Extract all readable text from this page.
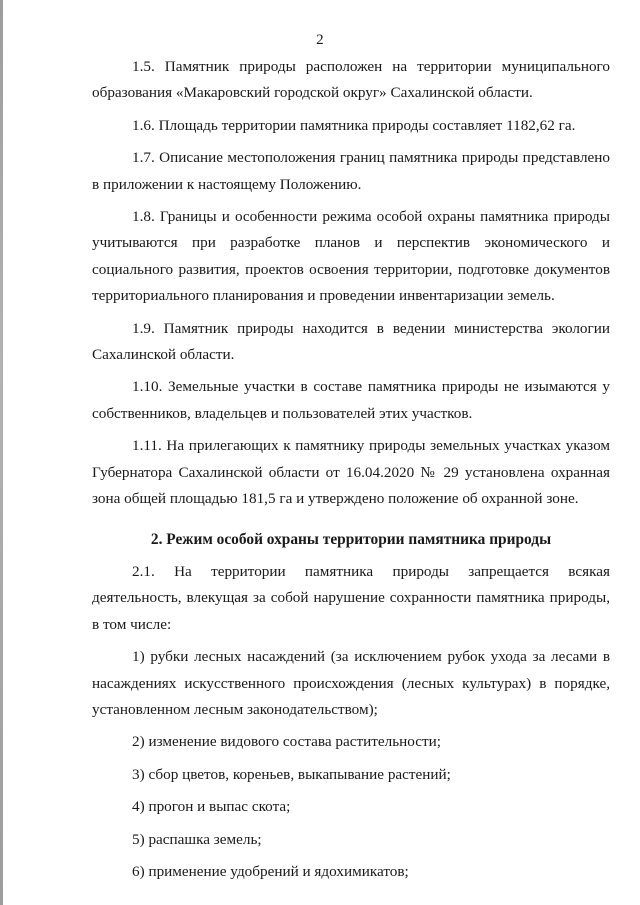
2

1.5. Памятник природы расположен на территории муниципального образования «Макаровский городской округ» Сахалинской области.

1.6. Площадь территории памятника природы составляет 1182,62 га.

1.7. Описание местоположения границ памятника природы представлено в приложении к настоящему Положению.

1.8. Границы и особенности режима особой охраны памятника природы учитываются при разработке планов и перспектив экономического и социального развития, проектов освоения территории, подготовке документов территориального планирования и проведении инвентаризации земель.

1.9. Памятник природы находится в ведении министерства экологии Сахалинской области.

1.10. Земельные участки в составе памятника природы не изымаются у собственников, владельцев и пользователей этих участков.

1.11. На прилегающих к памятнику природы земельных участках указом Губернатора Сахалинской области от 16.04.2020 № 29 установлена охранная зона общей площадью 181,5 га и утверждено положение об охранной зоне.

2. Режим особой охраны территории памятника природы

2.1. На территории памятника природы запрещается всякая деятельность, влекущая за собой нарушение сохранности памятника природы, в том числе:

1) рубки лесных насаждений (за исключением рубок ухода за лесами в насаждениях искусственного происхождения (лесных культурах) в порядке, установленном лесным законодательством);

2) изменение видового состава растительности;

3) сбор цветов, кореньев, выкапывание растений;

4) прогон и выпас скота;

5) распашка земель;

6) применение удобрений и ядохимикатов;
